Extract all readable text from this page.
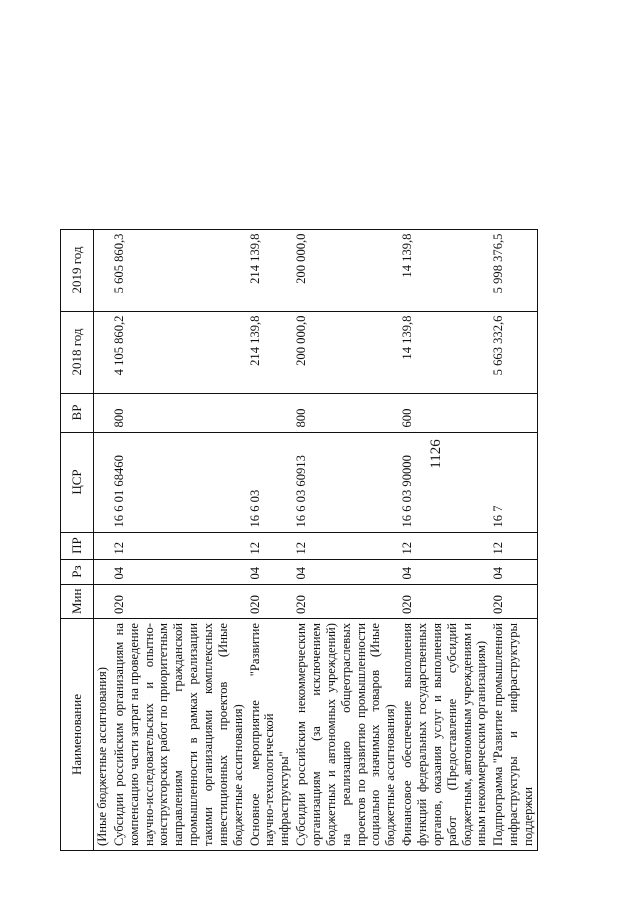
1126
Наименование	Мин	Рз	ПР	ЦСР	ВР	2018 год	2019 год
(Иные бюджетные ассигнования)							
Субсидии российским организациям на компенсацию части затрат на проведение научно-исследовательских и опытно-конструкторских работ по приоритетным направлениям гражданской промышленности в рамках реализации такими организациями комплексных инвестиционных проектов (Иные бюджетные ассигнования)	020	04	12	16 6 01 68460	800	4 105 860,2	5 605 860,3
Основное мероприятие "Развитие научно-технологической инфраструктуры"	020	04	12	16 6 03		214 139,8	214 139,8
Субсидии российским некоммерческим организациям (за исключением бюджетных и автономных учреждений) на реализацию общеотраслевых проектов по развитию промышленности социально значимых товаров (Иные бюджетные ассигнования)	020	04	12	16 6 03 60913	800	200 000,0	200 000,0
Финансовое обеспечение выполнения функций федеральных государственных органов, оказания услуг и выполнения работ (Предоставление субсидий бюджетным, автономным учреждениям и иным некоммерческим организациям)	020	04	12	16 6 03 90000	600	14 139,8	14 139,8
Подпрограмма "Развитие промышленной инфраструктуры и инфраструктуры поддержки	020	04	12	16 7		5 663 332,6	5 998 376,5
